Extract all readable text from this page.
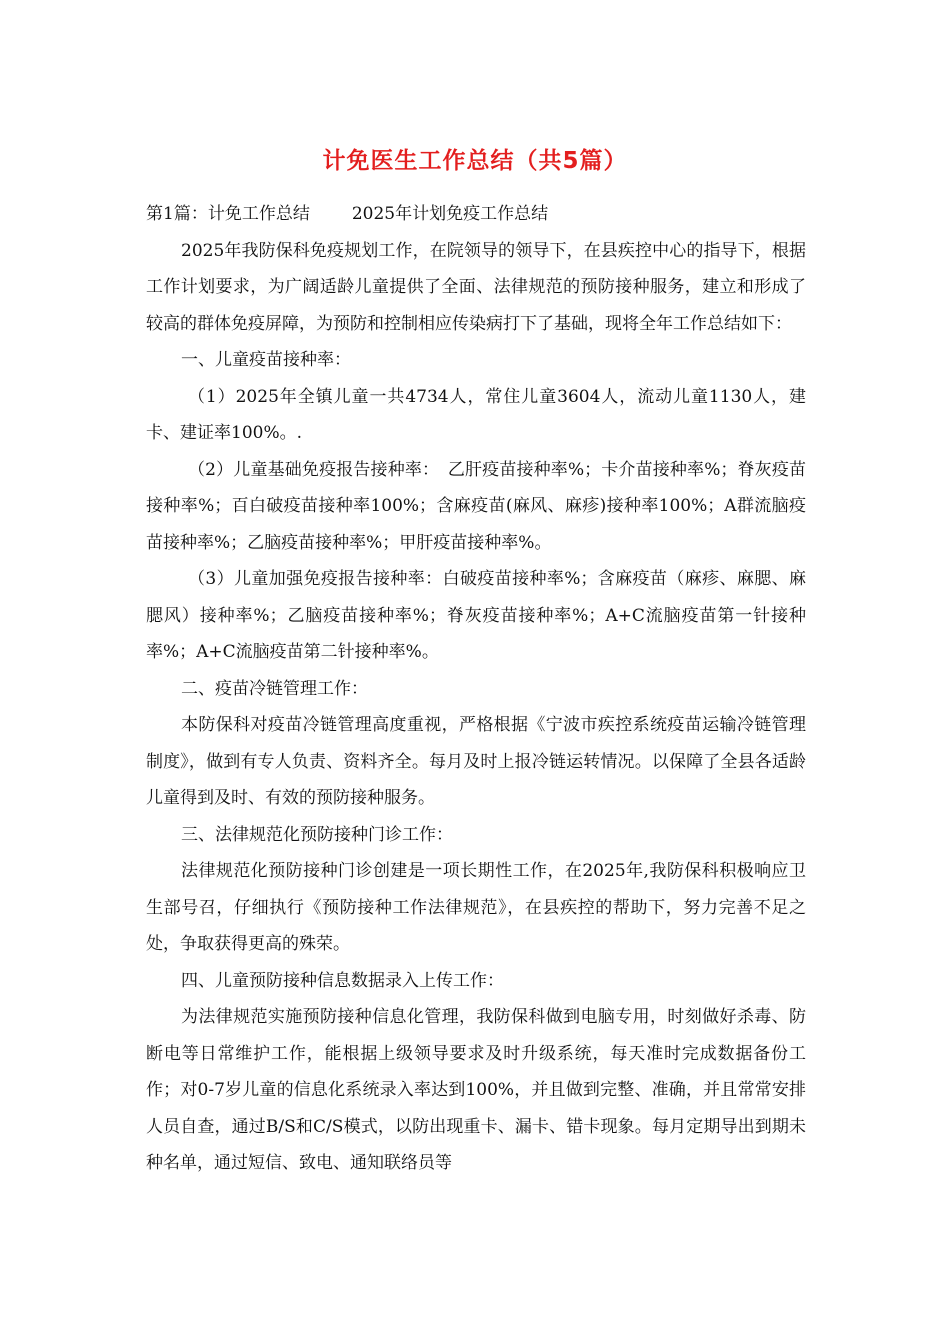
计免医生工作总结（共5篇）

第1篇：计免工作总结 2025年计划免疫工作总结

2025年我防保科免疫规划工作，在院领导的领导下，在县疾控中心的指导下，根据工作计划要求，为广阔适龄儿童提供了全面、法律规范的预防接种服务，建立和形成了较高的群体免疫屏障，为预防和控制相应传染病打下了基础，现将全年工作总结如下：

一、儿童疫苗接种率：

（1）2025年全镇儿童一共4734人，常住儿童3604人，流动儿童1130人，建卡、建证率100%。.

（2）儿童基础免疫报告接种率：　乙肝疫苗接种率%；卡介苗接种率%；脊灰疫苗接种率%；百白破疫苗接种率100%；含麻疫苗(麻风、麻疹)接种率100%；A群流脑疫苗接种率%；乙脑疫苗接种率%；甲肝疫苗接种率%。

（3）儿童加强免疫报告接种率：白破疫苗接种率%；含麻疫苗（麻疹、麻腮、麻腮风）接种率%；乙脑疫苗接种率%；脊灰疫苗接种率%；A+C流脑疫苗第一针接种率%；A+C流脑疫苗第二针接种率%。

二、疫苗冷链管理工作：

本防保科对疫苗冷链管理高度重视，严格根据《宁波市疾控系统疫苗运输冷链管理制度》，做到有专人负责、资料齐全。每月及时上报冷链运转情况。以保障了全县各适龄儿童得到及时、有效的预防接种服务。

三、法律规范化预防接种门诊工作：

法律规范化预防接种门诊创建是一项长期性工作，在2025年,我防保科积极响应卫生部号召，仔细执行《预防接种工作法律规范》，在县疾控的帮助下，努力完善不足之处，争取获得更高的殊荣。

四、儿童预防接种信息数据录入上传工作：

为法律规范实施预防接种信息化管理，我防保科做到电脑专用，时刻做好杀毒、防断电等日常维护工作，能根据上级领导要求及时升级系统，每天准时完成数据备份工作；对0-7岁儿童的信息化系统录入率达到100%，并且做到完整、准确，并且常常安排人员自查，通过B/S和C/S模式，以防出现重卡、漏卡、错卡现象。每月定期导出到期未种名单，通过短信、致电、通知联络员等
